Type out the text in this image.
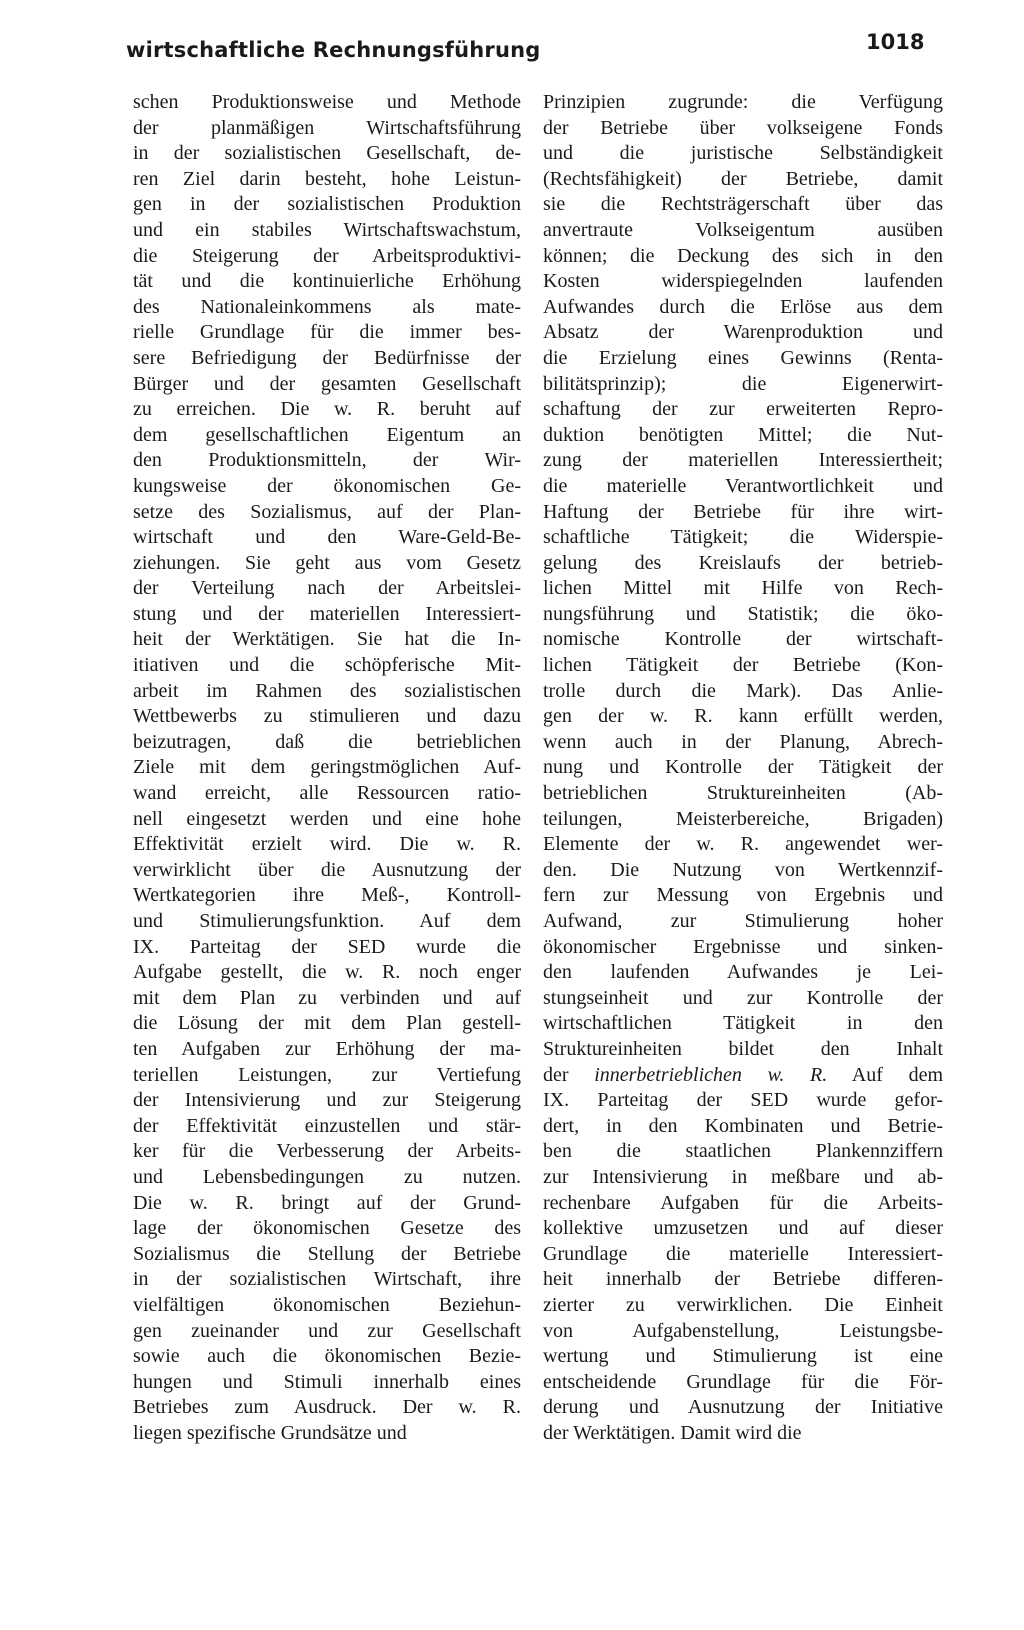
wirtschaftliche Rechnungsführung	1018
schen Produktionsweise und Methode
der planmäßigen Wirtschaftsführung
in der sozialistischen Gesellschaft, de-
ren Ziel darin besteht, hohe Leistun-
gen in der sozialistischen Produktion
und ein stabiles Wirtschaftswachstum,
die Steigerung der Arbeitsproduktivi-
tät und die kontinuierliche Erhöhung
des Nationaleinkommens als mate-
rielle Grundlage für die immer bes-
sere Befriedigung der Bedürfnisse der
Bürger und der gesamten Gesellschaft
zu erreichen. Die w. R. beruht auf
dem gesellschaftlichen Eigentum an
den Produktionsmitteln, der Wir-
kungsweise der ökonomischen Ge-
setze des Sozialismus, auf der Plan-
wirtschaft und den Ware-Geld-Be-
ziehungen. Sie geht aus vom Gesetz
der Verteilung nach der Arbeitslei-
stung und der materiellen Interessiert-
heit der Werktätigen. Sie hat die In-
itiativen und die schöpferische Mit-
arbeit im Rahmen des sozialistischen
Wettbewerbs zu stimulieren und dazu
beizutragen, daß die betrieblichen
Ziele mit dem geringstmöglichen Auf-
wand erreicht, alle Ressourcen ratio-
nell eingesetzt werden und eine hohe
Effektivität erzielt wird. Die w. R.
verwirklicht über die Ausnutzung der
Wertkategorien ihre Meß-, Kontroll-
und Stimulierungsfunktion. Auf dem
IX. Parteitag der SED wurde die
Aufgabe gestellt, die w. R. noch enger
mit dem Plan zu verbinden und auf
die Lösung der mit dem Plan gestell-
ten Aufgaben zur Erhöhung der ma-
teriellen Leistungen, zur Vertiefung
der Intensivierung und zur Steigerung
der Effektivität einzustellen und stär-
ker für die Verbesserung der Arbeits-
und Lebensbedingungen zu nutzen.
Die w. R. bringt auf der Grund-
lage der ökonomischen Gesetze des
Sozialismus die Stellung der Betriebe
in der sozialistischen Wirtschaft, ihre
vielfältigen ökonomischen Beziehun-
gen zueinander und zur Gesellschaft
sowie auch die ökonomischen Bezie-
hungen und Stimuli innerhalb eines
Betriebes zum Ausdruck. Der w. R.
liegen spezifische Grundsätze und
Prinzipien zugrunde: die Verfügung
der Betriebe über volkseigene Fonds
und die juristische Selbständigkeit
(Rechtsfähigkeit) der Betriebe, damit
sie die Rechtsträgerschaft über das
anvertraute Volkseigentum ausüben
können; die Deckung des sich in den
Kosten widerspiegelnden laufenden
Aufwandes durch die Erlöse aus dem
Absatz der Warenproduktion und
die Erzielung eines Gewinns (Renta-
bilitätsprinzip); die Eigenerwirt-
schaftung der zur erweiterten Repro-
duktion benötigten Mittel; die Nut-
zung der materiellen Interessiertheit;
die materielle Verantwortlichkeit und
Haftung der Betriebe für ihre wirt-
schaftliche Tätigkeit; die Widerspie-
gelung des Kreislaufs der betrieb-
lichen Mittel mit Hilfe von Rech-
nungsführung und Statistik; die öko-
nomische Kontrolle der wirtschaft-
lichen Tätigkeit der Betriebe (Kon-
trolle durch die Mark). Das Anlie-
gen der w. R. kann erfüllt werden,
wenn auch in der Planung, Abrech-
nung und Kontrolle der Tätigkeit der
betrieblichen Struktureinheiten (Ab-
teilungen, Meisterbereiche, Brigaden)
Elemente der w. R. angewendet wer-
den. Die Nutzung von Wertkennzif-
fern zur Messung von Ergebnis und
Aufwand, zur Stimulierung hoher
ökonomischer Ergebnisse und sinken-
den laufenden Aufwandes je Lei-
stungseinheit und zur Kontrolle der
wirtschaftlichen Tätigkeit in den
Struktureinheiten bildet den Inhalt
der innerbetrieblichen w. R. Auf dem
IX. Parteitag der SED wurde gefor-
dert, in den Kombinaten und Betrie-
ben die staatlichen Plankennziffern
zur Intensivierung in meßbare und ab-
rechenbare Aufgaben für die Arbeits-
kollektive umzusetzen und auf dieser
Grundlage die materielle Interessiert-
heit innerhalb der Betriebe differen-
zierter zu verwirklichen. Die Einheit
von Aufgabenstellung, Leistungsbe-
wertung und Stimulierung ist eine
entscheidende Grundlage für die För-
derung und Ausnutzung der Initiative
der Werktätigen. Damit wird die
